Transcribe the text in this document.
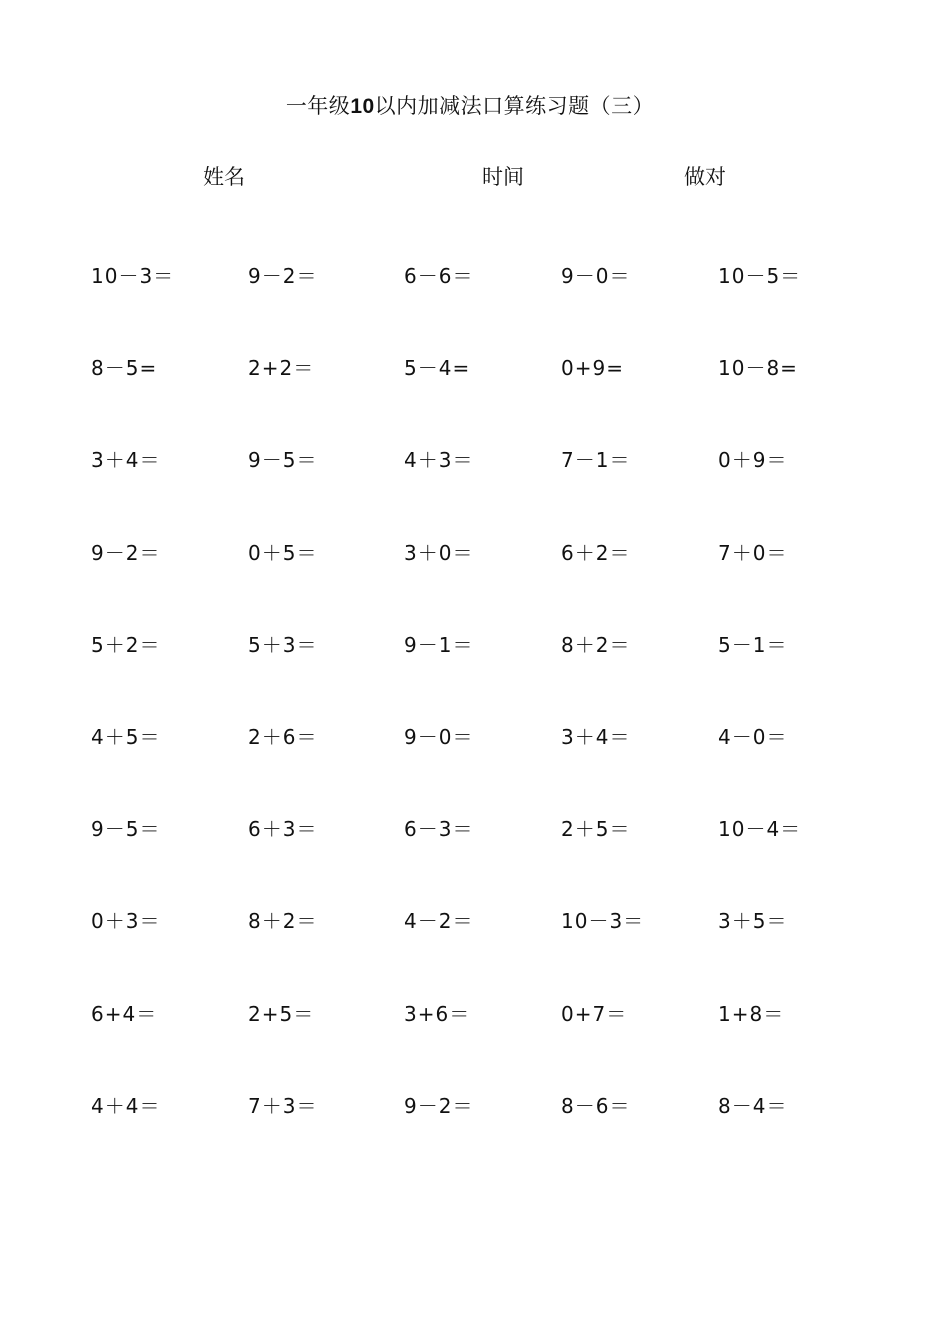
一年级10以内加减法口算练习题（三）
姓名	时间	做对
10－3＝	9－2＝	6－6＝	9－0＝	10－5＝
8－5=	2+2＝	5－4=	0+9=	10－8=
3＋4＝	9－5＝	4＋3＝	7－1＝	0＋9＝
9－2＝	0＋5＝	3＋0＝	6＋2＝	7＋0＝
5＋2＝	5＋3＝	9－1＝	8＋2＝	5－1＝
4＋5＝	2＋6＝	9－0＝	3＋4＝	4－0＝
9－5＝	6＋3＝	6－3＝	2＋5＝	10－4＝
0＋3＝	8＋2＝	4－2＝	10－3＝	3＋5＝
6+4＝	2+5＝	3+6＝	0+7＝	1+8＝
4＋4＝	7＋3＝	9－2＝	8－6＝	8－4＝
